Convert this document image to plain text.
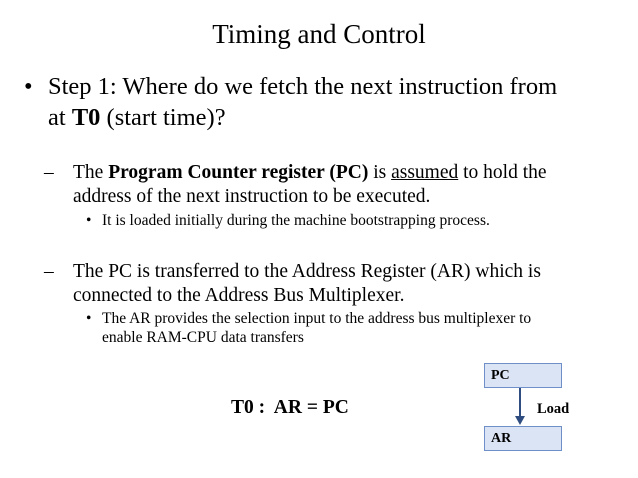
Timing and Control
• Step 1: Where do we fetch the next instruction from
at T0 (start time)?
– The Program Counter register (PC) is assumed to hold the
address of the next instruction to be executed.
• It is loaded initially during the machine bootstrapping process.
– The PC is transferred to the Address Register (AR) which is
connected to the Address Bus Multiplexer.
• The AR provides the selection input to the address bus multiplexer to
enable RAM-CPU data transfers
T0 :  AR = PC
PC
Load
AR
